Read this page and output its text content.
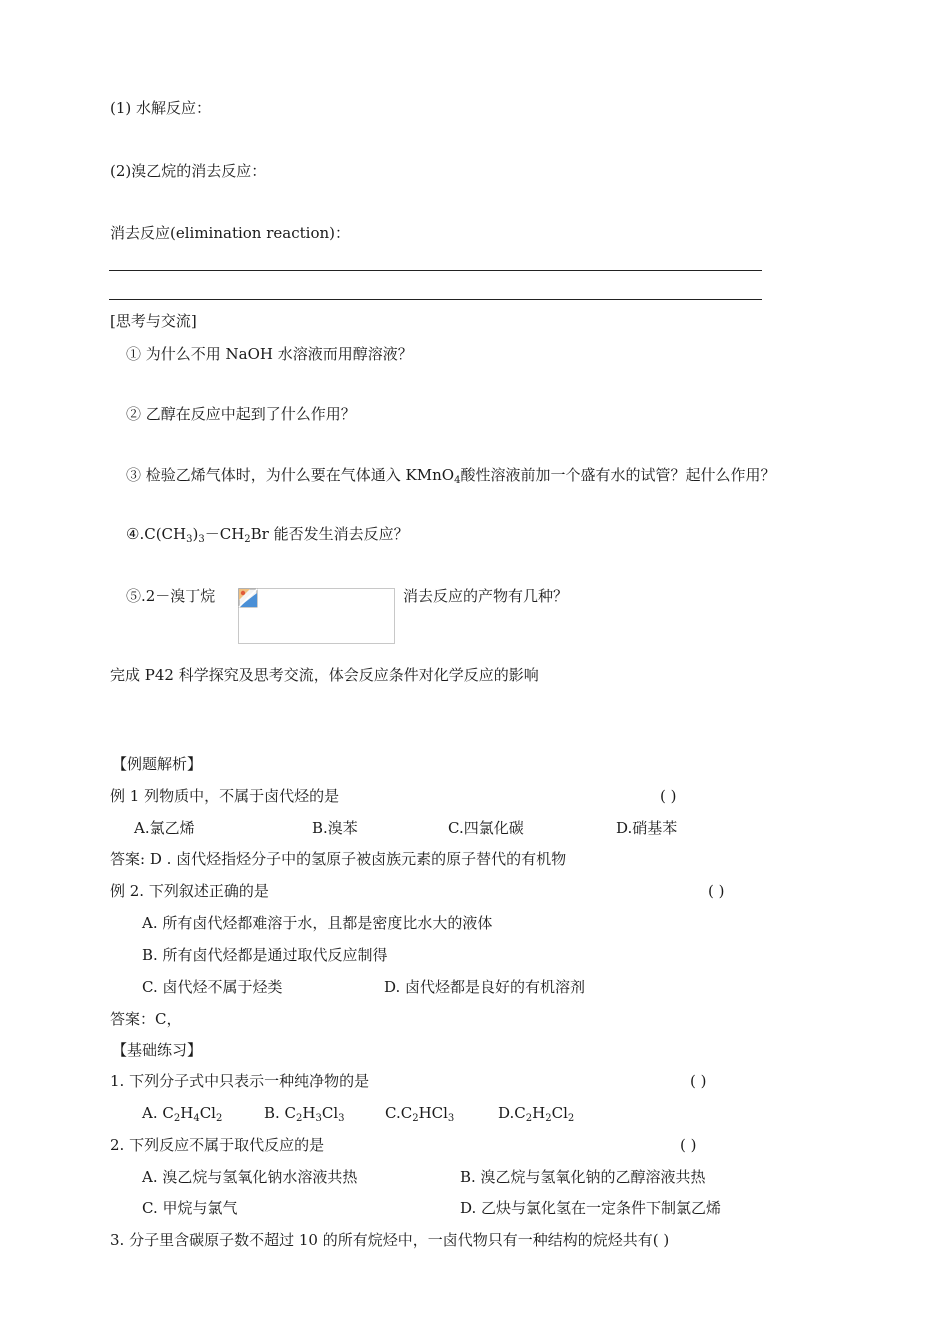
(1) 水解反应：
(2)溴乙烷的消去反应：
消去反应(elimination reaction)：
[思考与交流]
① 为什么不用 NaOH 水溶液而用醇溶液？
② 乙醇在反应中起到了什么作用？
③ 检验乙烯气体时，为什么要在气体通入 KMnO$_4$酸性溶液前加一个盛有水的试管？起什么作用？
$④.C(CH_3)_3-CH_2Br$ 能否发生消去反应？
⑤.2－溴丁烷	消去反应的产物有几种？
完成 P42 科学探究及思考交流，体会反应条件对化学反应的影响
【例题解析】
例 1 列物质中，不属于卤代烃的是	( )
A.氯乙烯	B.溴苯	C.四氯化碳	D.硝基苯
答案: D . 卤代烃指烃分子中的氢原子被卤族元素的原子替代的有机物
例 2. 下列叙述正确的是	( )
A. 所有卤代烃都难溶于水，且都是密度比水大的液体
B. 所有卤代烃都是通过取代反应制得
C. 卤代烃不属于烃类	D. 卤代烃都是良好的有机溶剂
答案：C，
【基础练习】
1. 下列分子式中只表示一种纯净物的是	( )
A. $C_2H_4Cl_2$	B. $C_2H_3Cl_3$	$C.C_2HCl_3$	$D.C_2H_2Cl_2$
2. 下列反应不属于取代反应的是	( )
A. 溴乙烷与氢氧化钠水溶液共热	B. 溴乙烷与氢氧化钠的乙醇溶液共热
C. 甲烷与氯气	D. 乙炔与氯化氢在一定条件下制氯乙烯
3. 分子里含碳原子数不超过 10 的所有烷烃中，一卤代物只有一种结构的烷烃共有( )
